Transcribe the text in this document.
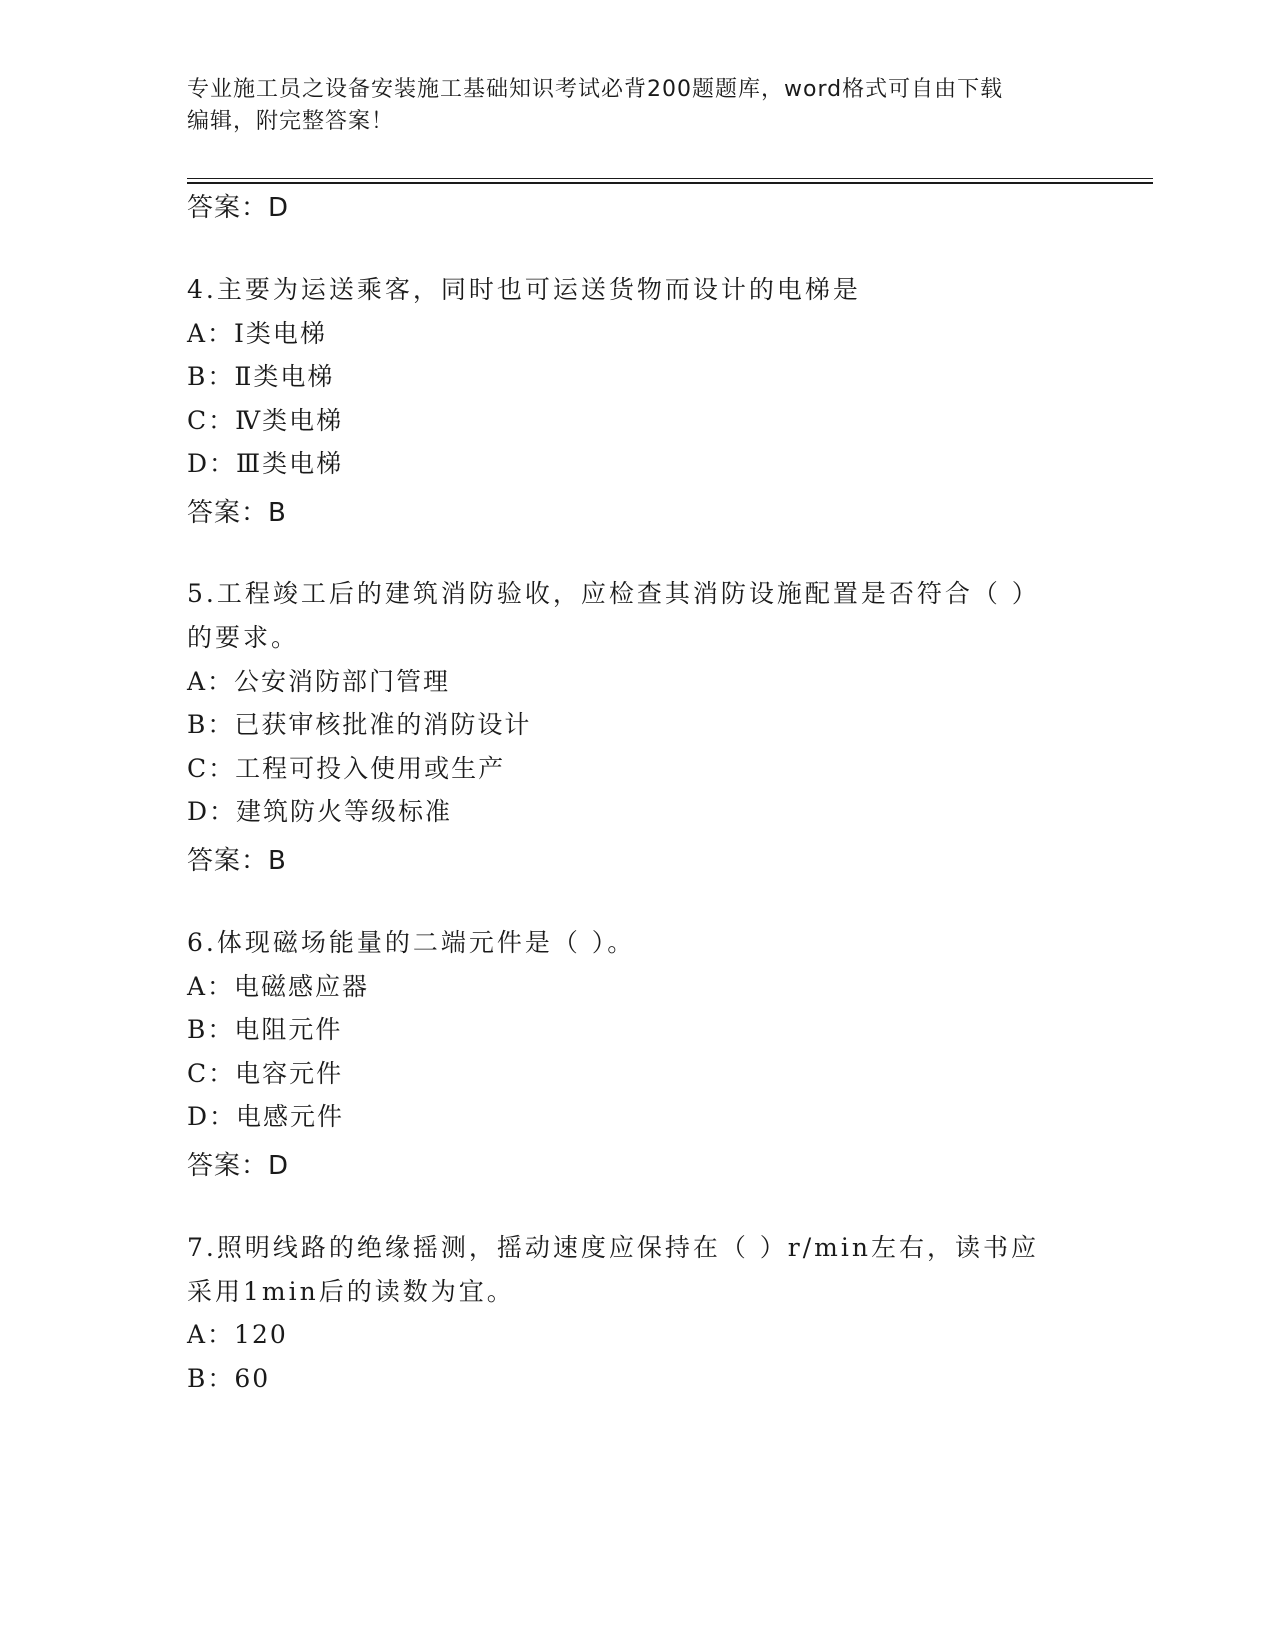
专业施工员之设备安装施工基础知识考试必背200题题库，word格式可自由下载
编辑，附完整答案！
答案：D
4.主要为运送乘客，同时也可运送货物而设计的电梯是
A：Ⅰ类电梯
B：Ⅱ类电梯
C：Ⅳ类电梯
D：Ⅲ类电梯
答案：B
5.工程竣工后的建筑消防验收，应检查其消防设施配置是否符合（ ）
的要求。
A：公安消防部门管理
B：已获审核批准的消防设计
C：工程可投入使用或生产
D：建筑防火等级标准
答案：B
6.体现磁场能量的二端元件是（ ）。
A：电磁感应器
B：电阻元件
C：电容元件
D：电感元件
答案：D
7.照明线路的绝缘摇测，摇动速度应保持在（ ）r/min左右，读书应
采用1min后的读数为宜。
A：120
B：60
